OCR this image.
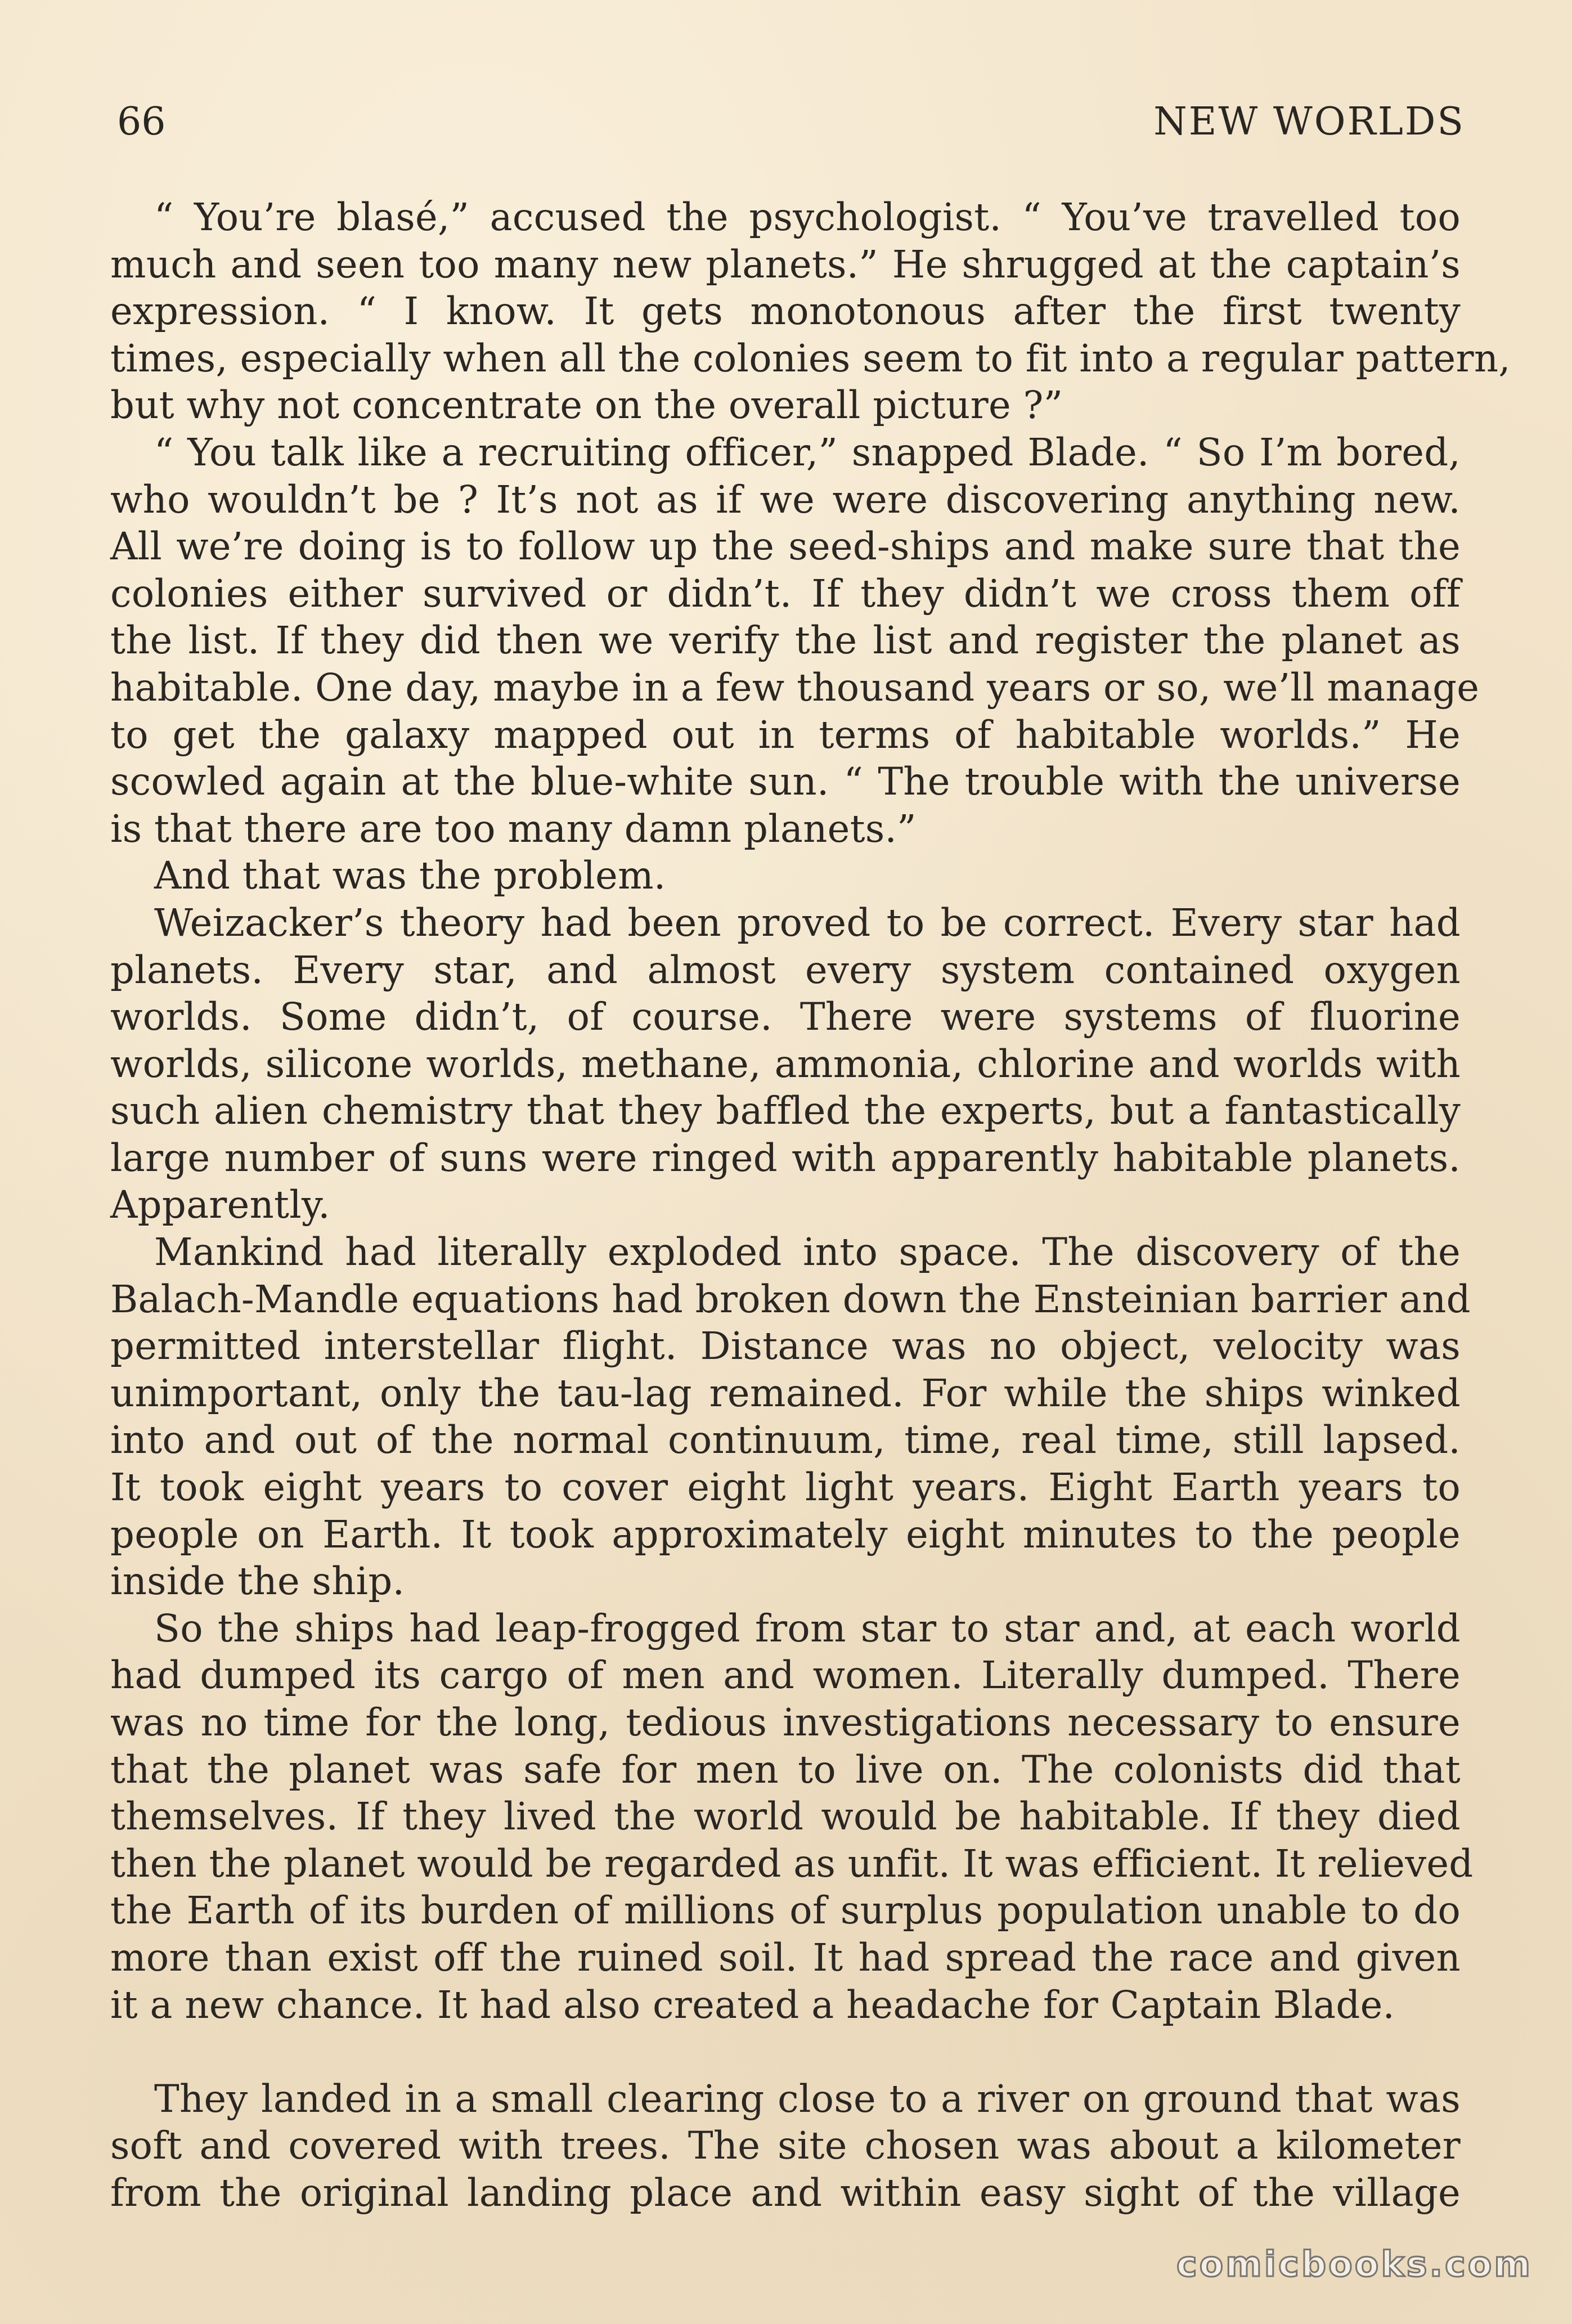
66	NEW WORLDS
“ You’re blasé,” accused the psychologist. “ You’ve travelled too
much and seen too many new planets.” He shrugged at the captain’s
expression. “ I know. It gets monotonous after the first twenty
times, especially when all the colonies seem to fit into a regular pattern,
but why not concentrate on the overall picture ?”
“ You talk like a recruiting officer,” snapped Blade. “ So I’m bored,
who wouldn’t be ? It’s not as if we were discovering anything new.
All we’re doing is to follow up the seed-ships and make sure that the
colonies either survived or didn’t. If they didn’t we cross them off
the list. If they did then we verify the list and register the planet as
habitable. One day, maybe in a few thousand years or so, we’ll manage
to get the galaxy mapped out in terms of habitable worlds.” He
scowled again at the blue-white sun. “ The trouble with the universe
is that there are too many damn planets.”
And that was the problem.
Weizacker’s theory had been proved to be correct. Every star had
planets. Every star, and almost every system contained oxygen
worlds. Some didn’t, of course. There were systems of fluorine
worlds, silicone worlds, methane, ammonia, chlorine and worlds with
such alien chemistry that they baffled the experts, but a fantastically
large number of suns were ringed with apparently habitable planets.
Apparently.
Mankind had literally exploded into space. The discovery of the
Balach-Mandle equations had broken down the Ensteinian barrier and
permitted interstellar flight. Distance was no object, velocity was
unimportant, only the tau-lag remained. For while the ships winked
into and out of the normal continuum, time, real time, still lapsed.
It took eight years to cover eight light years. Eight Earth years to
people on Earth. It took approximately eight minutes to the people
inside the ship.
So the ships had leap-frogged from star to star and, at each world
had dumped its cargo of men and women. Literally dumped. There
was no time for the long, tedious investigations necessary to ensure
that the planet was safe for men to live on. The colonists did that
themselves. If they lived the world would be habitable. If they died
then the planet would be regarded as unfit. It was efficient. It relieved
the Earth of its burden of millions of surplus population unable to do
more than exist off the ruined soil. It had spread the race and given
it a new chance. It had also created a headache for Captain Blade.
They landed in a small clearing close to a river on ground that was
soft and covered with trees. The site chosen was about a kilometer
from the original landing place and within easy sight of the village
comicbooks.com
